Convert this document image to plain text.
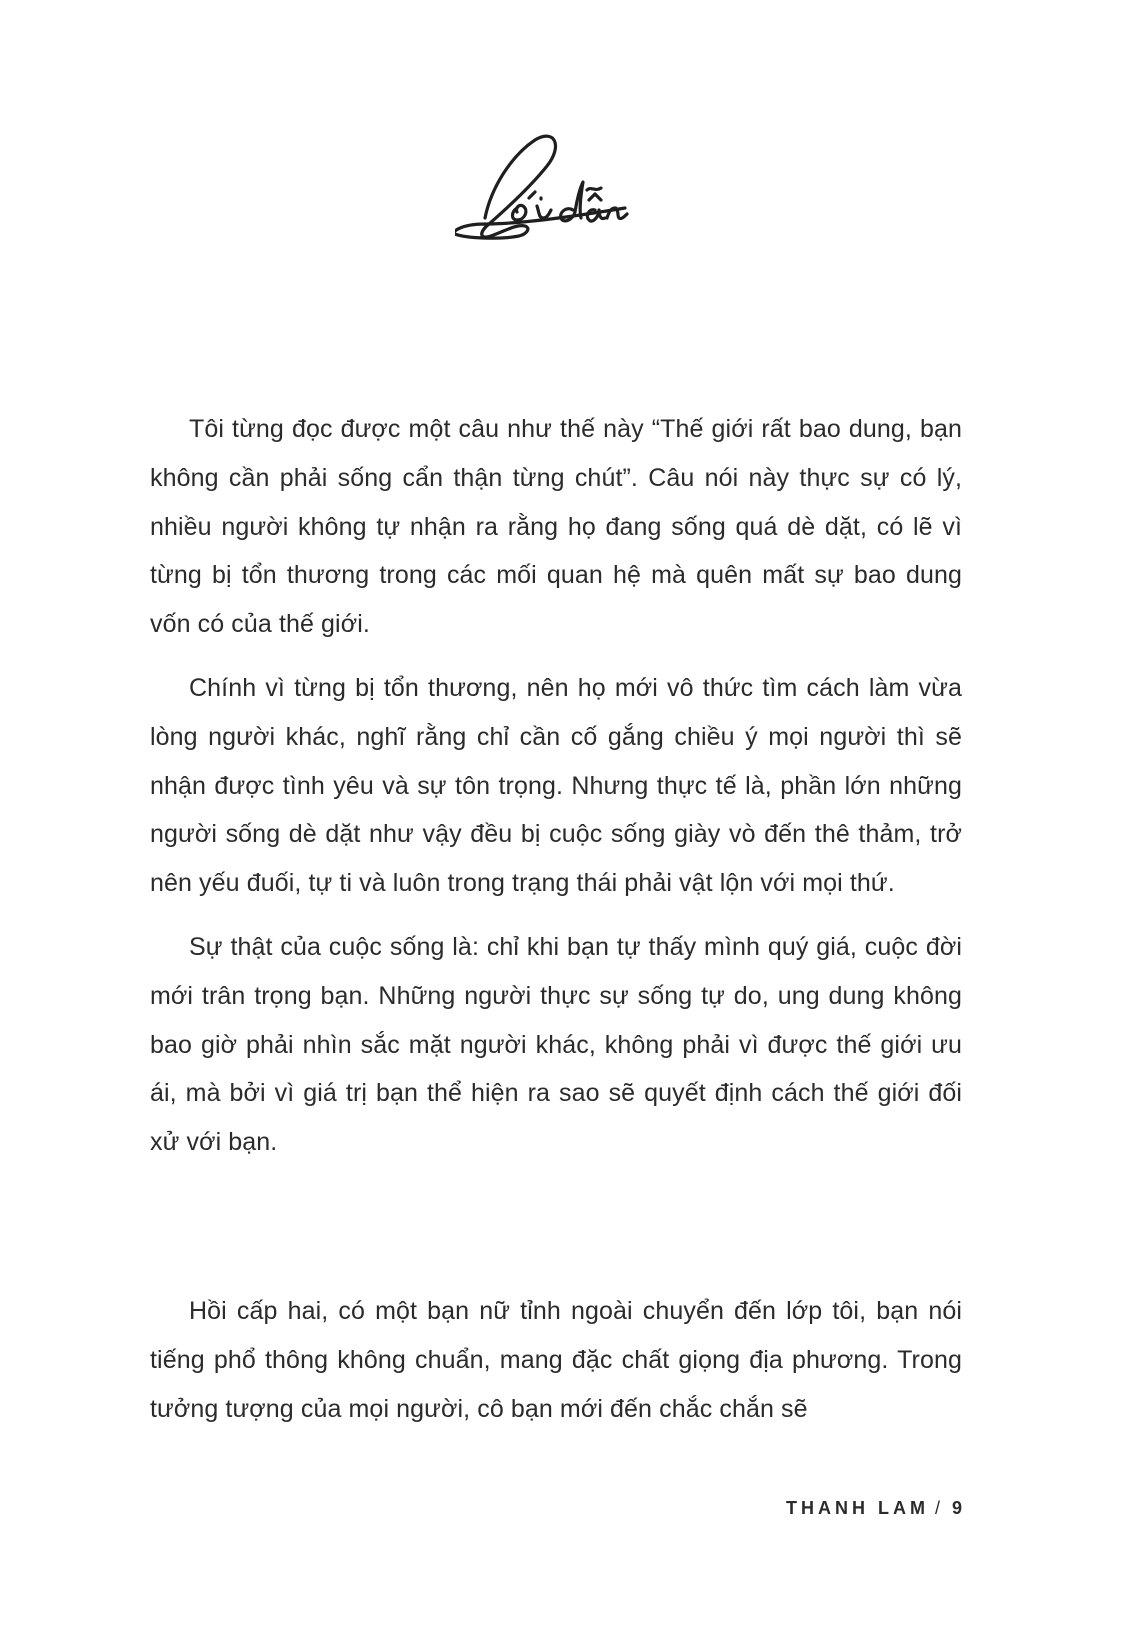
Tôi từng đọc được một câu như thế này “Thế giới rất bao dung, bạn không cần phải sống cẩn thận từng chút”. Câu nói này thực sự có lý, nhiều người không tự nhận ra rằng họ đang sống quá dè dặt, có lẽ vì từng bị tổn thương trong các mối quan hệ mà quên mất sự bao dung vốn có của thế giới.

Chính vì từng bị tổn thương, nên họ mới vô thức tìm cách làm vừa lòng người khác, nghĩ rằng chỉ cần cố gắng chiều ý mọi người thì sẽ nhận được tình yêu và sự tôn trọng. Nhưng thực tế là, phần lớn những người sống dè dặt như vậy đều bị cuộc sống giày vò đến thê thảm, trở nên yếu đuối, tự ti và luôn trong trạng thái phải vật lộn với mọi thứ.

Sự thật của cuộc sống là: chỉ khi bạn tự thấy mình quý giá, cuộc đời mới trân trọng bạn. Những người thực sự sống tự do, ung dung không bao giờ phải nhìn sắc mặt người khác, không phải vì được thế giới ưu ái, mà bởi vì giá trị bạn thể hiện ra sao sẽ quyết định cách thế giới đối xử với bạn.

Hồi cấp hai, có một bạn nữ tỉnh ngoài chuyển đến lớp tôi, bạn nói tiếng phổ thông không chuẩn, mang đặc chất giọng địa phương. Trong tưởng tượng của mọi người, cô bạn mới đến chắc chắn sẽ

THANH LAM / 9
